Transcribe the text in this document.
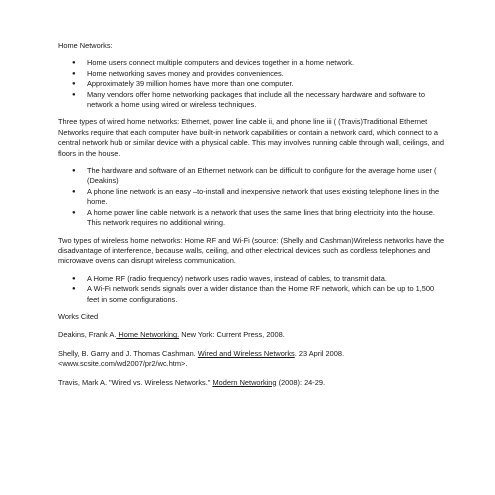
Home Networks:

● Home users connect multiple computers and devices together in a home network.
● Home networking saves money and provides conveniences.
● Approximately 39 million homes have more than one computer.
● Many vendors offer home networking packages that include all the necessary hardware and software to network a home using wired or wireless techniques.

Three types of wired home networks: Ethernet, power line cable ii, and phone line iii ( (Travis)Traditional Ethernet Networks require that each computer have built-in network capabilities or contain a network card, which connect to a central network hub or similar device with a physical cable. This may involves running cable through wall, ceilings, and floors in the house.

● The hardware and software of an Ethernet network can be difficult to configure for the average home user ( (Deakins)
● A phone line network is an easy –to-install and inexpensive network that uses existing telephone lines in the home.
● A home power line cable network is a network that uses the same lines that bring electricity into the house. This network requires no additional wiring.

Two types of wireless home networks: Home RF and Wi-Fi (source: (Shelly and Cashman)Wireless networks have the disadvantage of interference, because walls, ceiling, and other electrical devices such as cordless telephones and microwave ovens can disrupt wireless communication.

● A Home RF (radio frequency) network uses radio waves, instead of cables, to transmit data.
● A Wi-Fi network sends signals over a wider distance than the Home RF network, which can be up to 1,500 feet in some configurations.

Works Cited

Deakins, Frank A. Home Networking. New York: Current Press, 2008.

Shelly, B. Garry and J. Thomas Cashman. Wired and Wireless Networks. 23 April 2008. <www.scsite.com/wd2007/pr2/wc.htm>.

Travis, Mark A. "Wired vs. Wireless Networks." Modern Networking (2008): 24-29.
